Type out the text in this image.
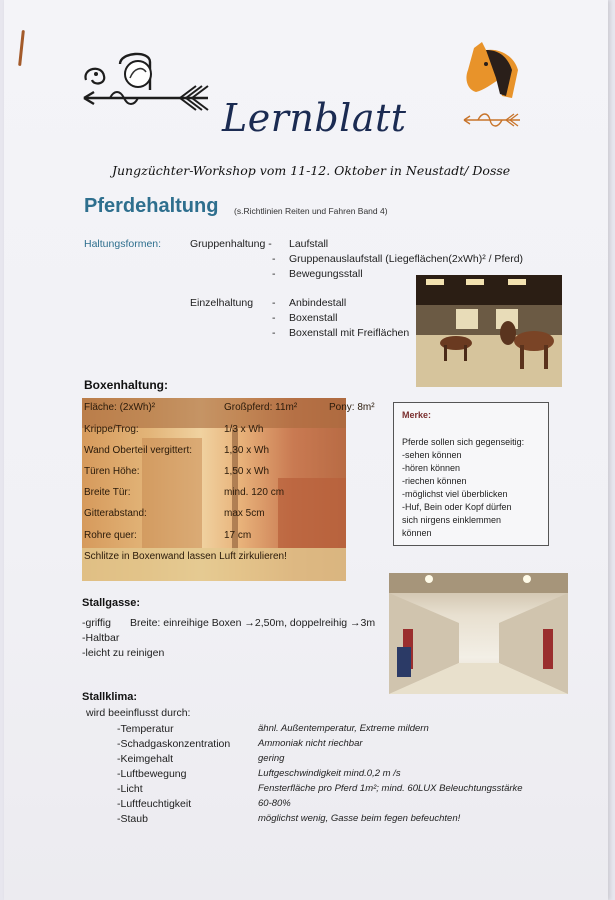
Lernblatt
Jungzüchter-Workshop vom 11-12. Oktober in Neustadt/ Dosse
Pferdehaltung (s.Richtlinien Reiten und Fahren Band 4)
Haltungsformen:	Gruppenhaltung - Laufstall
- Gruppenauslaufstall (Liegeflächen(2xWh)² / Pferd)
- Bewegungsstall
Einzelhaltung - Anbindestall
- Boxenstall
- Boxenstall mit Freiflächen
Boxenhaltung:
Fläche: (2xWh)²	Großpferd: 11m²	Pony: 8m²
Krippe/Trog:	1/3 x Wh
Wand Oberteil vergittert:	1,30 x Wh
Türen Höhe:	1,50 x Wh
Breite Tür:	mind. 120 cm
Gitterabstand:	max 5cm
Rohre quer:	17 cm
Schlitze in Boxenwand lassen Luft zirkulieren!
Merke:
Pferde sollen sich gegenseitig:
-sehen können
-hören können
-riechen können
-möglichst viel überblicken
-Huf, Bein oder Kopf dürfen
sich nirgens einklemmen
können
Stallgasse:
-griffig Breite: einreihige Boxen →2,50m, doppelreihig →3m
-Haltbar
-leicht zu reinigen
Stallklima:
wird beeinflusst durch:
-Temperatur	ähnl. Außentemperatur, Extreme mildern
-Schadgaskonzentration	Ammoniak nicht riechbar
-Keimgehalt	gering
-Luftbewegung	Luftgeschwindigkeit mind.0,2 m /s
-Licht	Fensterfläche pro Pferd 1m²; mind. 60LUX Beleuchtungsstärke
-Luftfeuchtigkeit	60-80%
-Staub	möglichst wenig, Gasse beim fegen befeuchten!
